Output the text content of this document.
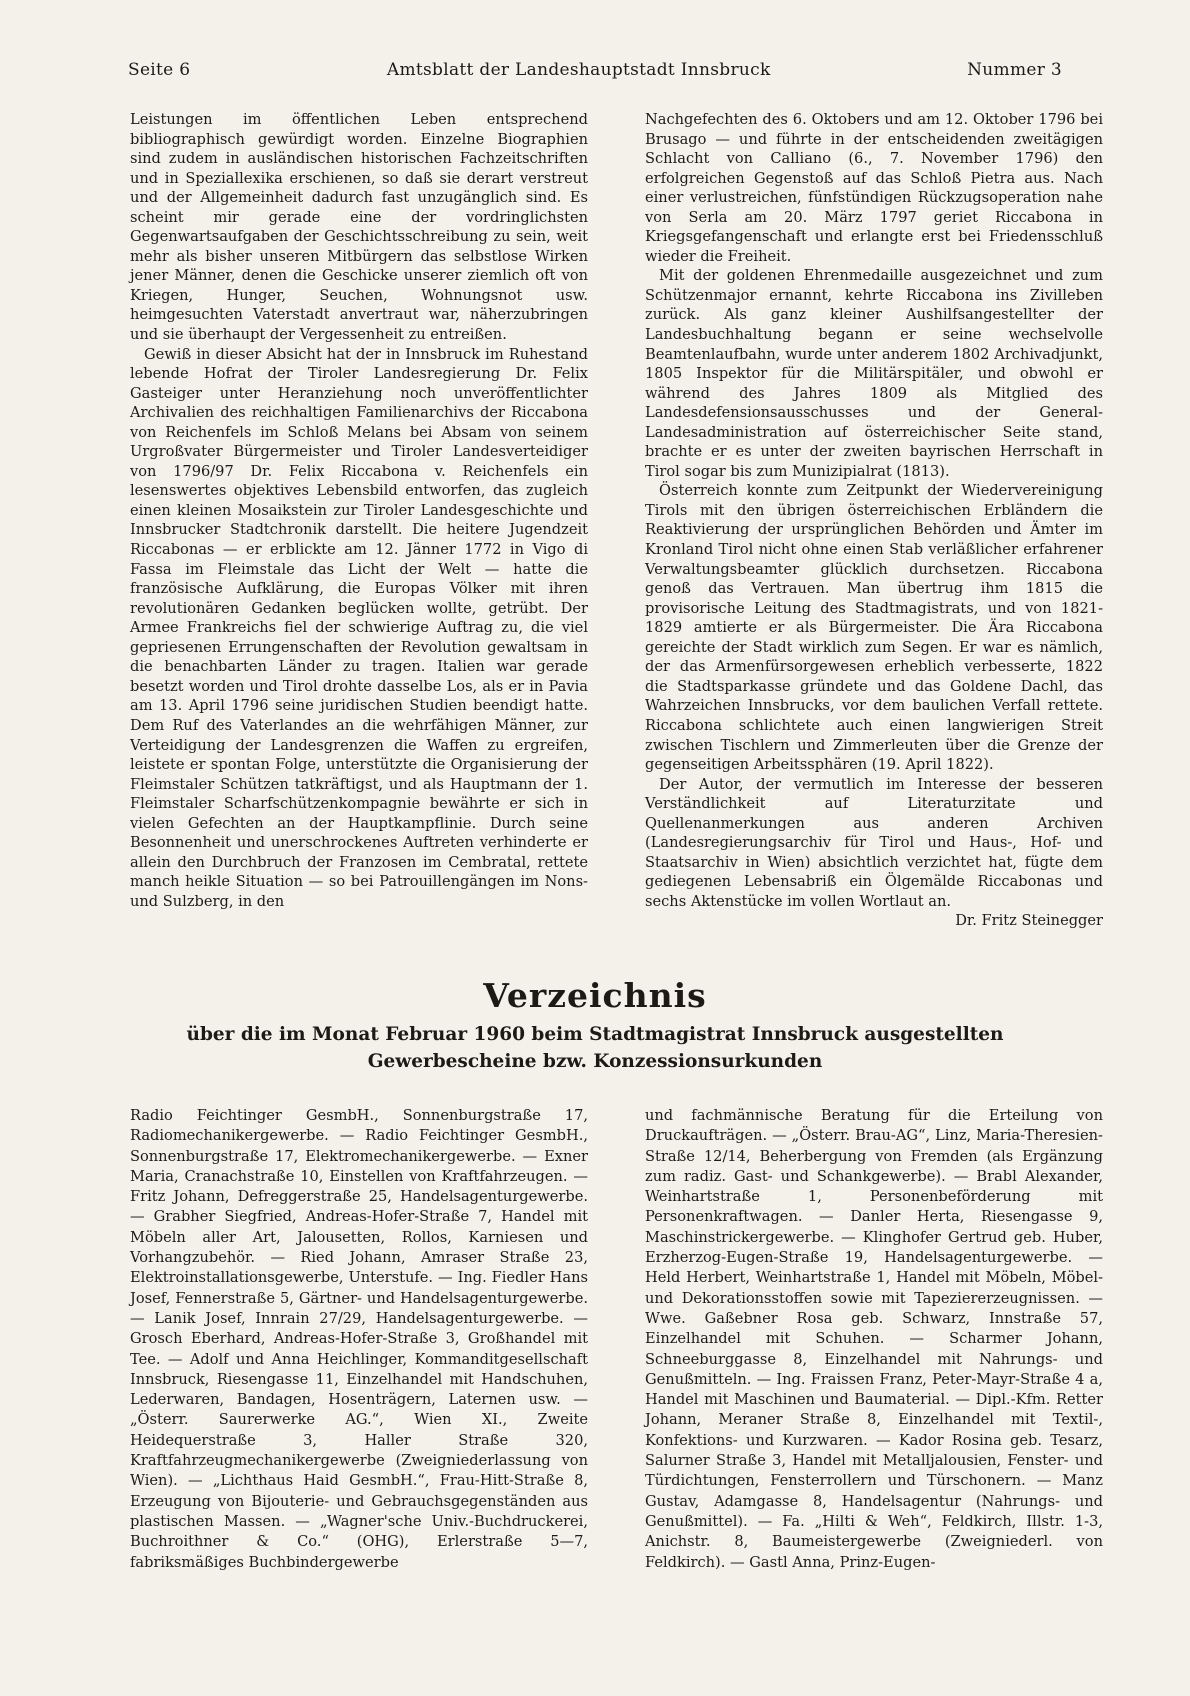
Seite 6	Amtsblatt der Landeshauptstadt Innsbruck	Nummer 3

Leistungen im öffentlichen Leben entsprechend bibliographisch gewürdigt worden. Einzelne Biographien sind zudem in ausländischen historischen Fachzeitschriften und in Speziallexika erschienen, so daß sie derart verstreut und der Allgemeinheit dadurch fast unzugänglich sind. Es scheint mir gerade eine der vordringlichsten Gegenwartsaufgaben der Geschichtsschreibung zu sein, weit mehr als bisher unseren Mitbürgern das selbstlose Wirken jener Männer, denen die Geschicke unserer ziemlich oft von Kriegen, Hunger, Seuchen, Wohnungsnot usw. heimgesuchten Vaterstadt anvertraut war, näherzubringen und sie überhaupt der Vergessenheit zu entreißen.

Gewiß in dieser Absicht hat der in Innsbruck im Ruhestand lebende Hofrat der Tiroler Landesregierung Dr. Felix Gasteiger unter Heranziehung noch unveröffentlichter Archivalien des reichhaltigen Familienarchivs der Riccabona von Reichenfels im Schloß Melans bei Absam von seinem Urgroßvater Bürgermeister und Tiroler Landesverteidiger von 1796/97 Dr. Felix Riccabona v. Reichenfels ein lesenswertes objektives Lebensbild entworfen, das zugleich einen kleinen Mosaikstein zur Tiroler Landesgeschichte und Innsbrucker Stadtchronik darstellt. Die heitere Jugendzeit Riccabonas — er erblickte am 12. Jänner 1772 in Vigo di Fassa im Fleimstale das Licht der Welt — hatte die französische Aufklärung, die Europas Völker mit ihren revolutionären Gedanken beglücken wollte, getrübt. Der Armee Frankreichs fiel der schwierige Auftrag zu, die viel gepriesenen Errungenschaften der Revolution gewaltsam in die benachbarten Länder zu tragen. Italien war gerade besetzt worden und Tirol drohte dasselbe Los, als er in Pavia am 13. April 1796 seine juridischen Studien beendigt hatte. Dem Ruf des Vaterlandes an die wehrfähigen Männer, zur Verteidigung der Landesgrenzen die Waffen zu ergreifen, leistete er spontan Folge, unterstützte die Organisierung der Fleimstaler Schützen tatkräftigst, und als Hauptmann der 1. Fleimstaler Scharfschützenkompagnie bewährte er sich in vielen Gefechten an der Hauptkampflinie. Durch seine Besonnenheit und unerschrockenes Auftreten verhinderte er allein den Durchbruch der Franzosen im Cembratal, rettete manch heikle Situation — so bei Patrouillengängen im Nons- und Sulzberg, in den

Nachgefechten des 6. Oktobers und am 12. Oktober 1796 bei Brusago — und führte in der entscheidenden zweitägigen Schlacht von Calliano (6., 7. November 1796) den erfolgreichen Gegenstoß auf das Schloß Pietra aus. Nach einer verlustreichen, fünfstündigen Rückzugsoperation nahe von Serla am 20. März 1797 geriet Riccabona in Kriegsgefangenschaft und erlangte erst bei Friedensschluß wieder die Freiheit.

Mit der goldenen Ehrenmedaille ausgezeichnet und zum Schützenmajor ernannt, kehrte Riccabona ins Zivilleben zurück. Als ganz kleiner Aushilfsangestellter der Landesbuchhaltung begann er seine wechselvolle Beamtenlaufbahn, wurde unter anderem 1802 Archivadjunkt, 1805 Inspektor für die Militärspitäler, und obwohl er während des Jahres 1809 als Mitglied des Landesdefensionsausschusses und der General-Landesadministration auf österreichischer Seite stand, brachte er es unter der zweiten bayrischen Herrschaft in Tirol sogar bis zum Munizipialrat (1813).

Österreich konnte zum Zeitpunkt der Wiedervereinigung Tirols mit den übrigen österreichischen Erbländern die Reaktivierung der ursprünglichen Behörden und Ämter im Kronland Tirol nicht ohne einen Stab verläßlicher erfahrener Verwaltungsbeamter glücklich durchsetzen. Riccabona genoß das Vertrauen. Man übertrug ihm 1815 die provisorische Leitung des Stadtmagistrats, und von 1821-1829 amtierte er als Bürgermeister. Die Ära Riccabona gereichte der Stadt wirklich zum Segen. Er war es nämlich, der das Armenfürsorgewesen erheblich verbesserte, 1822 die Stadtsparkasse gründete und das Goldene Dachl, das Wahrzeichen Innsbrucks, vor dem baulichen Verfall rettete. Riccabona schlichtete auch einen langwierigen Streit zwischen Tischlern und Zimmerleuten über die Grenze der gegenseitigen Arbeitssphären (19. April 1822).

Der Autor, der vermutlich im Interesse der besseren Verständlichkeit auf Literaturzitate und Quellenanmerkungen aus anderen Archiven (Landesregierungsarchiv für Tirol und Haus-, Hof- und Staatsarchiv in Wien) absichtlich verzichtet hat, fügte dem gediegenen Lebensabriß ein Ölgemälde Riccabonas und sechs Aktenstücke im vollen Wortlaut an.

Dr. Fritz Steinegger

Verzeichnis
über die im Monat Februar 1960 beim Stadtmagistrat Innsbruck ausgestellten
Gewerbescheine bzw. Konzessionsurkunden

Radio Feichtinger GesmbH., Sonnenburgstraße 17, Radiomechanikergewerbe. — Radio Feichtinger GesmbH., Sonnenburgstraße 17, Elektromechanikergewerbe. — Exner Maria, Cranachstraße 10, Einstellen von Kraftfahrzeugen. — Fritz Johann, Defreggerstraße 25, Handelsagenturgewerbe. — Grabher Siegfried, Andreas-Hofer-Straße 7, Handel mit Möbeln aller Art, Jalousetten, Rollos, Karniesen und Vorhangzubehör. — Ried Johann, Amraser Straße 23, Elektroinstallationsgewerbe, Unterstufe. — Ing. Fiedler Hans Josef, Fennerstraße 5, Gärtner- und Handelsagenturgewerbe. — Lanik Josef, Innrain 27/29, Handelsagenturgewerbe. — Grosch Eberhard, Andreas-Hofer-Straße 3, Großhandel mit Tee. — Adolf und Anna Heichlinger, Kommanditgesellschaft Innsbruck, Riesengasse 11, Einzelhandel mit Handschuhen, Lederwaren, Bandagen, Hosenträgern, Laternen usw. — „Österr. Saurerwerke AG.“, Wien XI., Zweite Heidequerstraße 3, Haller Straße 320, Kraftfahrzeugmechanikergewerbe (Zweigniederlassung von Wien). — „Lichthaus Haid GesmbH.“, Frau-Hitt-Straße 8, Erzeugung von Bijouterie- und Gebrauchsgegenständen aus plastischen Massen. — „Wagner'sche Univ.-Buchdruckerei, Buchroithner & Co.“ (OHG), Erlerstraße 5—7, fabriksmäßiges Buchbindergewerbe

und fachmännische Beratung für die Erteilung von Druckaufträgen. — „Österr. Brau-AG“, Linz, Maria-Theresien-Straße 12/14, Beherbergung von Fremden (als Ergänzung zum radiz. Gast- und Schankgewerbe). — Brabl Alexander, Weinhartstraße 1, Personenbeförderung mit Personenkraftwagen. — Danler Herta, Riesengasse 9, Maschinstrickergewerbe. — Klinghofer Gertrud geb. Huber, Erzherzog-Eugen-Straße 19, Handelsagenturgewerbe. — Held Herbert, Weinhartstraße 1, Handel mit Möbeln, Möbel- und Dekorationsstoffen sowie mit Tapeziererzeugnissen. — Wwe. Gaßebner Rosa geb. Schwarz, Innstraße 57, Einzelhandel mit Schuhen. — Scharmer Johann, Schneeburggasse 8, Einzelhandel mit Nahrungs- und Genußmitteln. — Ing. Fraissen Franz, Peter-Mayr-Straße 4 a, Handel mit Maschinen und Baumaterial. — Dipl.-Kfm. Retter Johann, Meraner Straße 8, Einzelhandel mit Textil-, Konfektions- und Kurzwaren. — Kador Rosina geb. Tesarz, Salurner Straße 3, Handel mit Metalljalousien, Fenster- und Türdichtungen, Fensterrollern und Türschonern. — Manz Gustav, Adamgasse 8, Handelsagentur (Nahrungs- und Genußmittel). — Fa. „Hilti & Weh“, Feldkirch, Illstr. 1-3, Anichstr. 8, Baumeistergewerbe (Zweigniederl. von Feldkirch). — Gastl Anna, Prinz-Eugen-
